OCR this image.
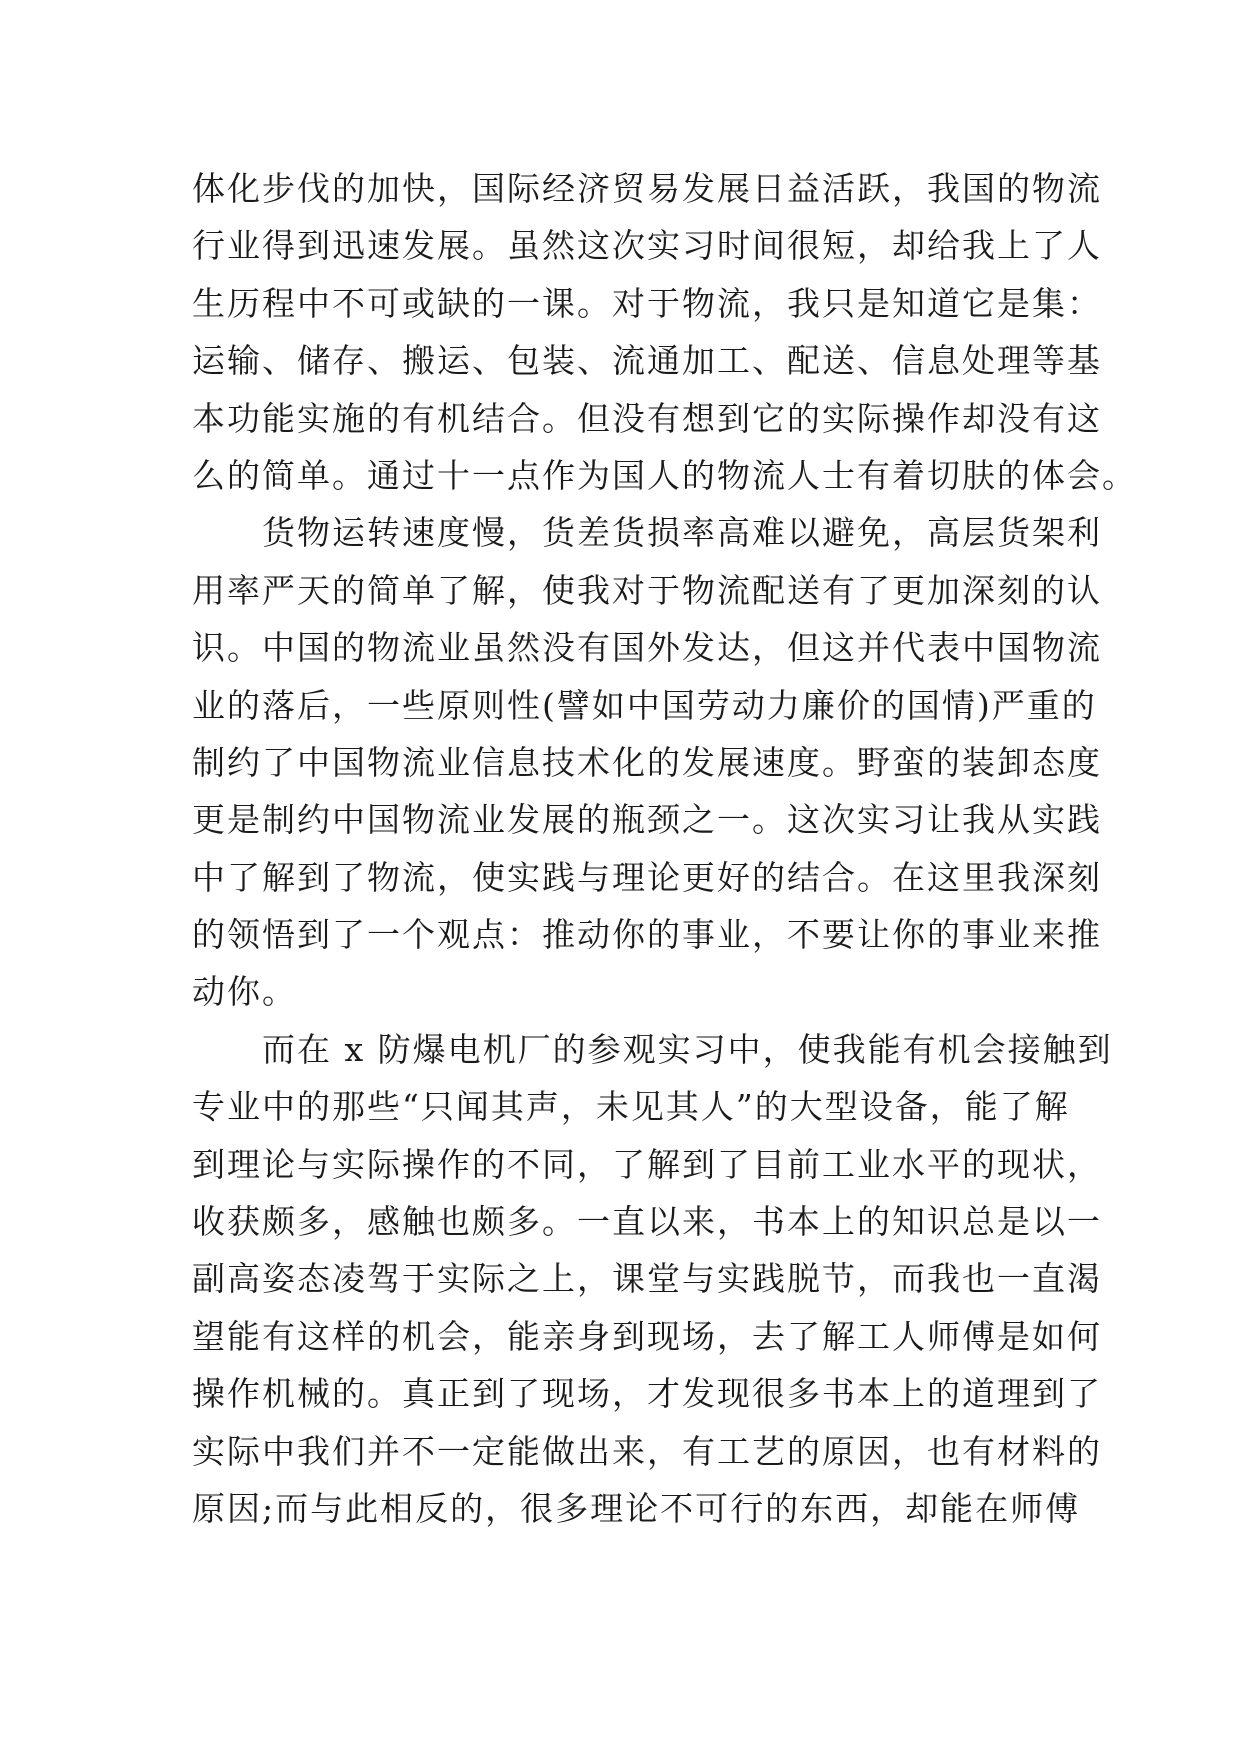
体化步伐的加快，国际经济贸易发展日益活跃，我国的物流
行业得到迅速发展。虽然这次实习时间很短，却给我上了人
生历程中不可或缺的一课。对于物流，我只是知道它是集：
运输、储存、搬运、包装、流通加工、配送、信息处理等基
本功能实施的有机结合。但没有想到它的实际操作却没有这
么的简单。通过十一点作为国人的物流人士有着切肤的体会。
　　货物运转速度慢，货差货损率高难以避免，高层货架利
用率严天的简单了解，使我对于物流配送有了更加深刻的认
识。中国的物流业虽然没有国外发达，但这并代表中国物流
业的落后，一些原则性(譬如中国劳动力廉价的国情)严重的
制约了中国物流业信息技术化的发展速度。野蛮的装卸态度
更是制约中国物流业发展的瓶颈之一。这次实习让我从实践
中了解到了物流，使实践与理论更好的结合。在这里我深刻
的领悟到了一个观点：推动你的事业，不要让你的事业来推
动你。
　　而在 x 防爆电机厂的参观实习中，使我能有机会接触到
专业中的那些“只闻其声，未见其人”的大型设备，能了解
到理论与实际操作的不同，了解到了目前工业水平的现状，
收获颇多，感触也颇多。一直以来，书本上的知识总是以一
副高姿态凌驾于实际之上，课堂与实践脱节，而我也一直渴
望能有这样的机会，能亲身到现场，去了解工人师傅是如何
操作机械的。真正到了现场，才发现很多书本上的道理到了
实际中我们并不一定能做出来，有工艺的原因，也有材料的
原因;而与此相反的，很多理论不可行的东西，却能在师傅
